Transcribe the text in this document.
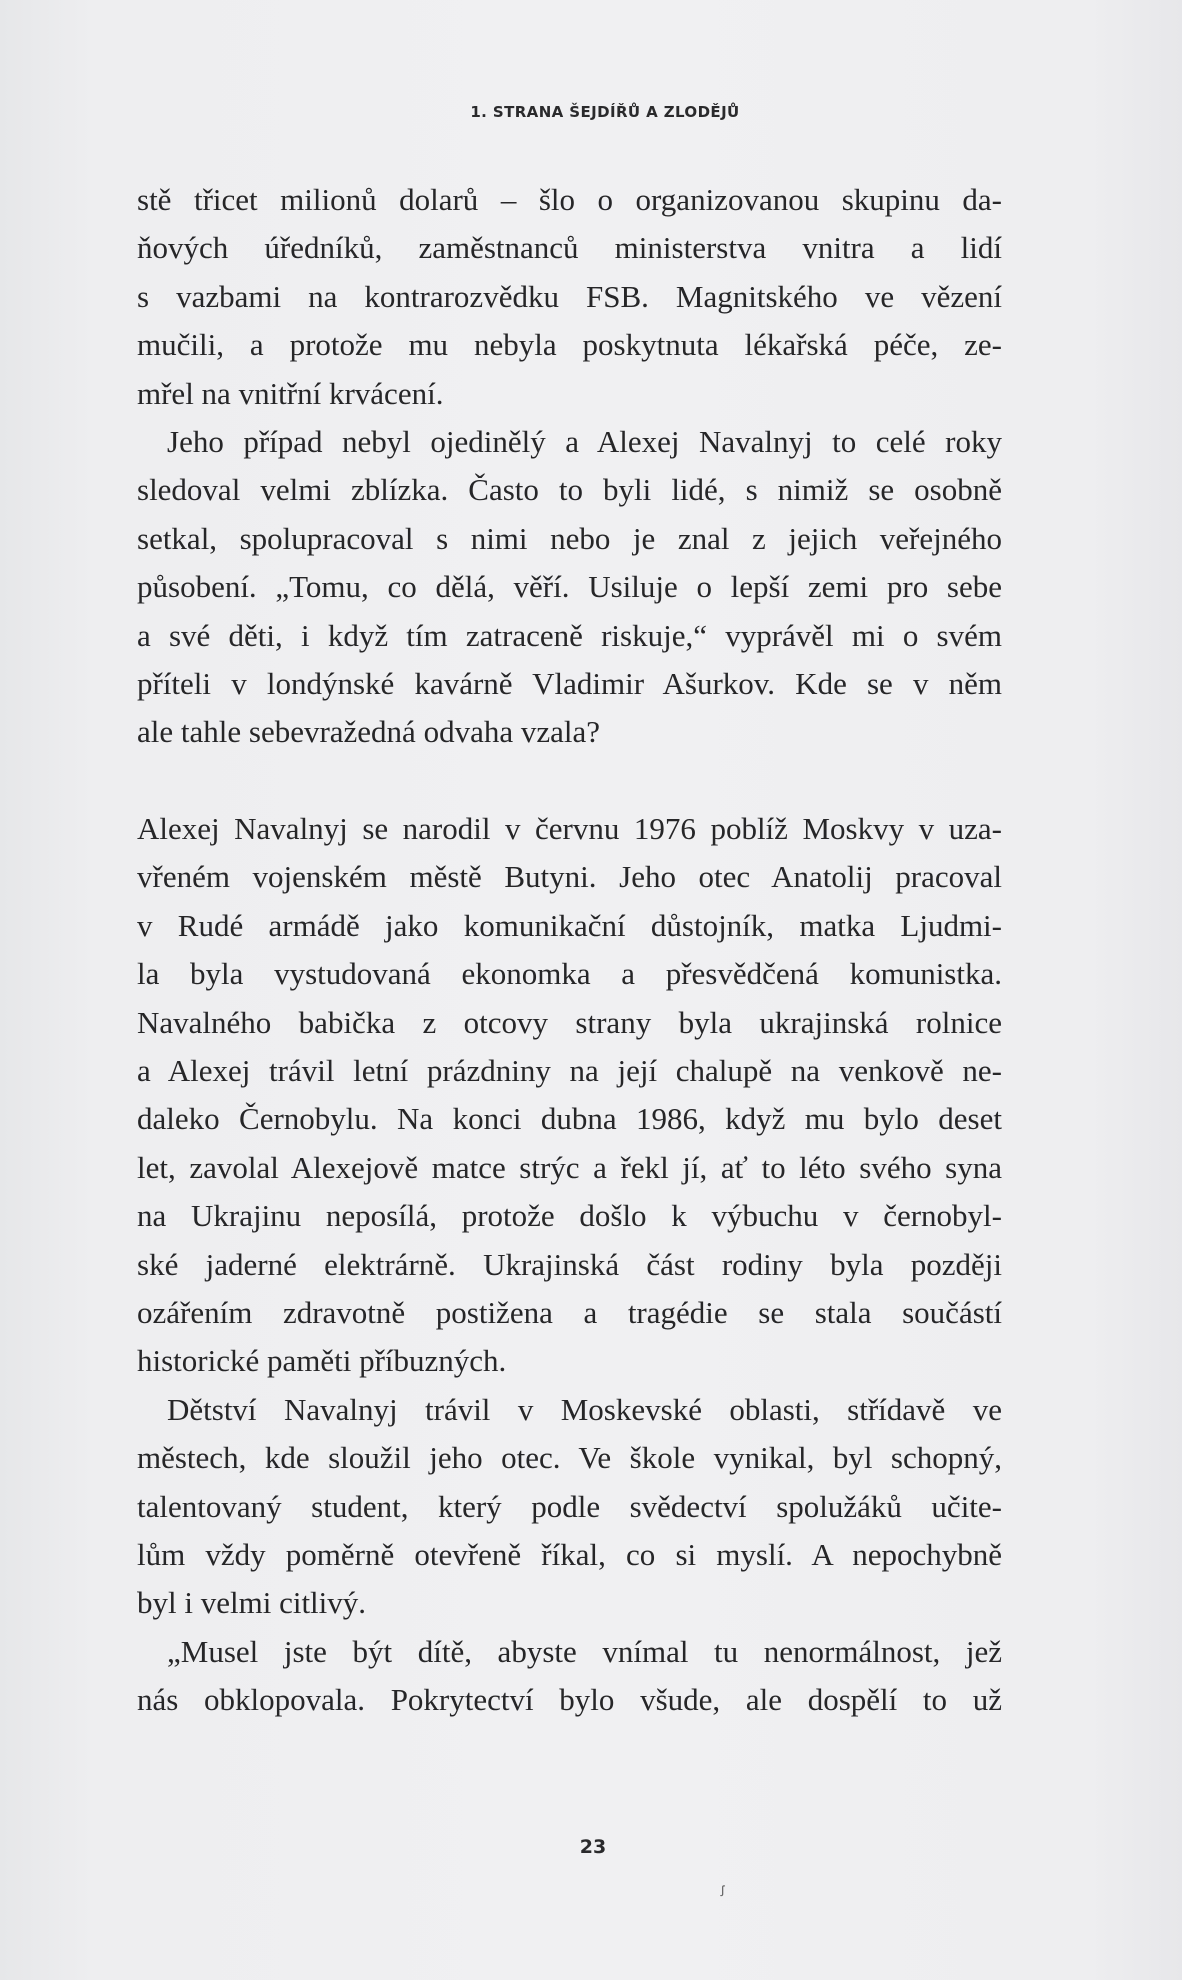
1. STRANA ŠEJDÍŘŮ A ZLODĚJŮ

stě třicet milionů dolarů – šlo o organizovanou skupinu da-

ňových úředníků, zaměstnanců ministerstva vnitra a lidí

s vazbami na kontrarozvědku FSB. Magnitského ve vězení

mučili, a protože mu nebyla poskytnuta lékařská péče, ze-

mřel na vnitřní krvácení.

Jeho případ nebyl ojedinělý a Alexej Navalnyj to celé roky

sledoval velmi zblízka. Často to byli lidé, s nimiž se osobně

setkal, spolupracoval s nimi nebo je znal z jejich veřejného

působení. „Tomu, co dělá, věří. Usiluje o lepší zemi pro sebe

a své děti, i když tím zatraceně riskuje,“ vyprávěl mi o svém

příteli v londýnské kavárně Vladimir Ašurkov. Kde se v něm

ale tahle sebevražedná odvaha vzala?

Alexej Navalnyj se narodil v červnu 1976 poblíž Moskvy v uza-

vřeném vojenském městě Butyni. Jeho otec Anatolij pracoval

v Rudé armádě jako komunikační důstojník, matka Ljudmi-

la byla vystudovaná ekonomka a přesvědčená komunistka.

Navalného babička z otcovy strany byla ukrajinská rolnice

a Alexej trávil letní prázdniny na její chalupě na venkově ne-

daleko Černobylu. Na konci dubna 1986, když mu bylo deset

let, zavolal Alexejově matce strýc a řekl jí, ať to léto svého syna

na Ukrajinu neposílá, protože došlo k výbuchu v černobyl-

ské jaderné elektrárně. Ukrajinská část rodiny byla později

ozářením zdravotně postižena a tragédie se stala součástí

historické paměti příbuzných.

Dětství Navalnyj trávil v Moskevské oblasti, střídavě ve

městech, kde sloužil jeho otec. Ve škole vynikal, byl schopný,

talentovaný student, který podle svědectví spolužáků učite-

lům vždy poměrně otevřeně říkal, co si myslí. A nepochybně

byl i velmi citlivý.

„Musel jste být dítě, abyste vnímal tu nenormálnost, jež

nás obklopovala. Pokrytectví bylo všude, ale dospělí to už

23
ꭍ
